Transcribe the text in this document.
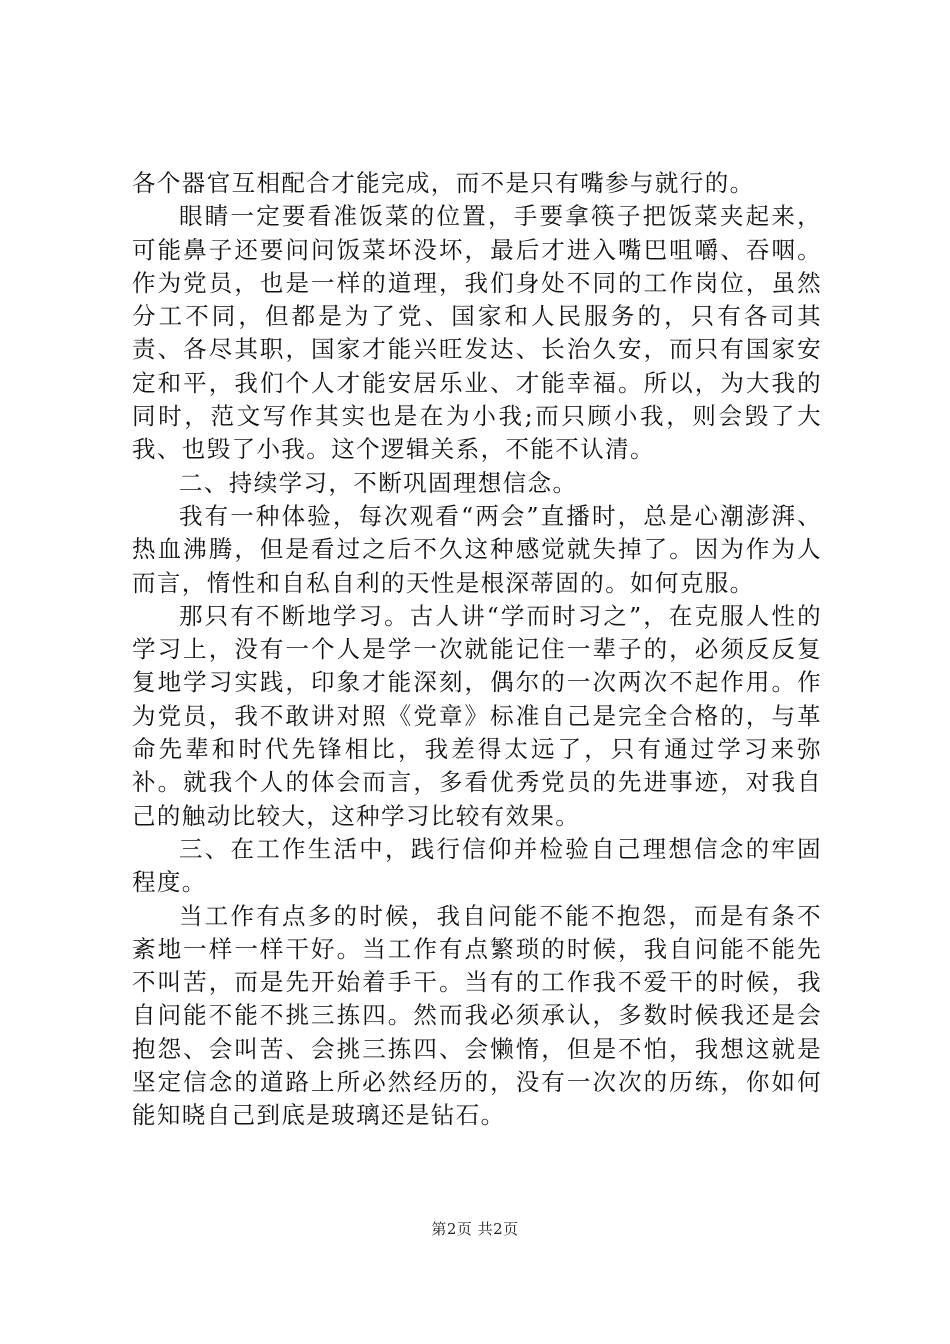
各个器官互相配合才能完成，而不是只有嘴参与就行的。

眼睛一定要看准饭菜的位置，手要拿筷子把饭菜夹起来，可能鼻子还要问问饭菜坏没坏，最后才进入嘴巴咀嚼、吞咽。作为党员，也是一样的道理，我们身处不同的工作岗位，虽然分工不同，但都是为了党、国家和人民服务的，只有各司其责、各尽其职，国家才能兴旺发达、长治久安，而只有国家安定和平，我们个人才能安居乐业、才能幸福。所以，为大我的同时，范文写作其实也是在为小我;而只顾小我，则会毁了大我、也毁了小我。这个逻辑关系，不能不认清。

二、持续学习，不断巩固理想信念。

我有一种体验，每次观看“两会”直播时，总是心潮澎湃、热血沸腾，但是看过之后不久这种感觉就失掉了。因为作为人而言，惰性和自私自利的天性是根深蒂固的。如何克服。

那只有不断地学习。古人讲“学而时习之”，在克服人性的学习上，没有一个人是学一次就能记住一辈子的，必须反反复复地学习实践，印象才能深刻，偶尔的一次两次不起作用。作为党员，我不敢讲对照《党章》标准自己是完全合格的，与革命先辈和时代先锋相比，我差得太远了，只有通过学习来弥补。就我个人的体会而言，多看优秀党员的先进事迹，对我自己的触动比较大，这种学习比较有效果。

三、在工作生活中，践行信仰并检验自己理想信念的牢固程度。

当工作有点多的时候，我自问能不能不抱怨，而是有条不紊地一样一样干好。当工作有点繁琐的时候，我自问能不能先不叫苦，而是先开始着手干。当有的工作我不爱干的时候，我自问能不能不挑三拣四。然而我必须承认，多数时候我还是会抱怨、会叫苦、会挑三拣四、会懒惰，但是不怕，我想这就是坚定信念的道路上所必然经历的，没有一次次的历练，你如何能知晓自己到底是玻璃还是钻石。

第2页 共2页
